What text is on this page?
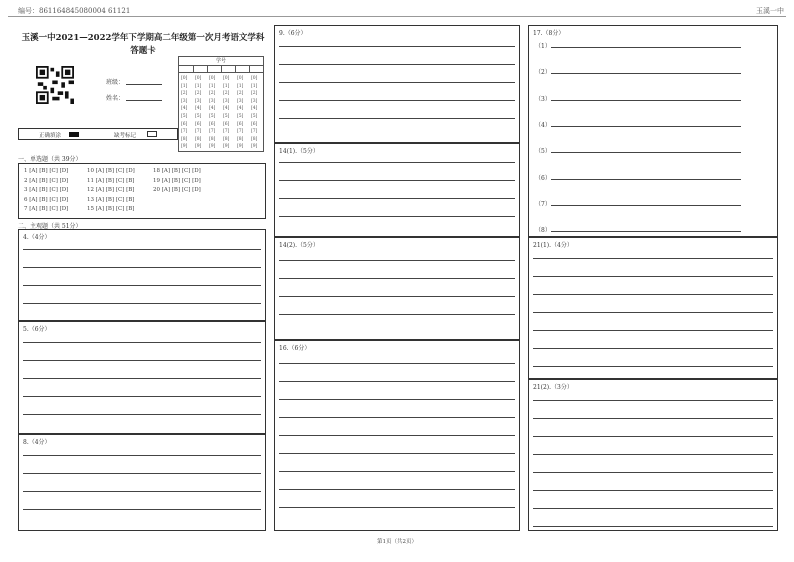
编号：861164845080004 61121	玉溪一中
玉溪一中2021—2022学年下学期高二年级第一次月考语文学科
答题卡
班级：
姓名：
学号
[0]
[1]
[2]
[3]
[4]
[5]
[6]
[7]
[8]
[9]
[0]
[1]
[2]
[3]
[4]
[5]
[6]
[7]
[8]
[9]
[0]
[1]
[2]
[3]
[4]
[5]
[6]
[7]
[8]
[9]
[0]
[1]
[2]
[3]
[4]
[5]
[6]
[7]
[8]
[9]
[0]
[1]
[2]
[3]
[4]
[5]
[6]
[7]
[8]
[9]
[0]
[1]
[2]
[3]
[4]
[5]
[6]
[7]
[8]
[9]
正确填涂	缺考标记
一、单选题（共 39分）
1 [A] [B] [C] [D]
2 [A] [B] [C] [D]
3 [A] [B] [C] [D]
6 [A] [B] [C] [D]
7 [A] [B] [C] [D]
10 [A] [B] [C] [D]
11 [A] [B] [C] [B]
12 [A] [B] [C] [B]
13 [A] [B] [C] [B]
15 [A] [B] [C] [B]
18 [A] [B] [C] [D]
19 [A] [B] [C] [D]
20 [A] [B] [C] [D]
二、主观题（共 51分）
4.（4分）
5.（6分）
8.（4分）
9.（6分）
14(1).（5分）
14(2).（5分）
16.（6分）
17.（8分）
（1）
（2）
（3）
（4）
（5）
（6）
（7）
（8）
21(1).（4分）
21(2).（3分）
第1页（共2页）
